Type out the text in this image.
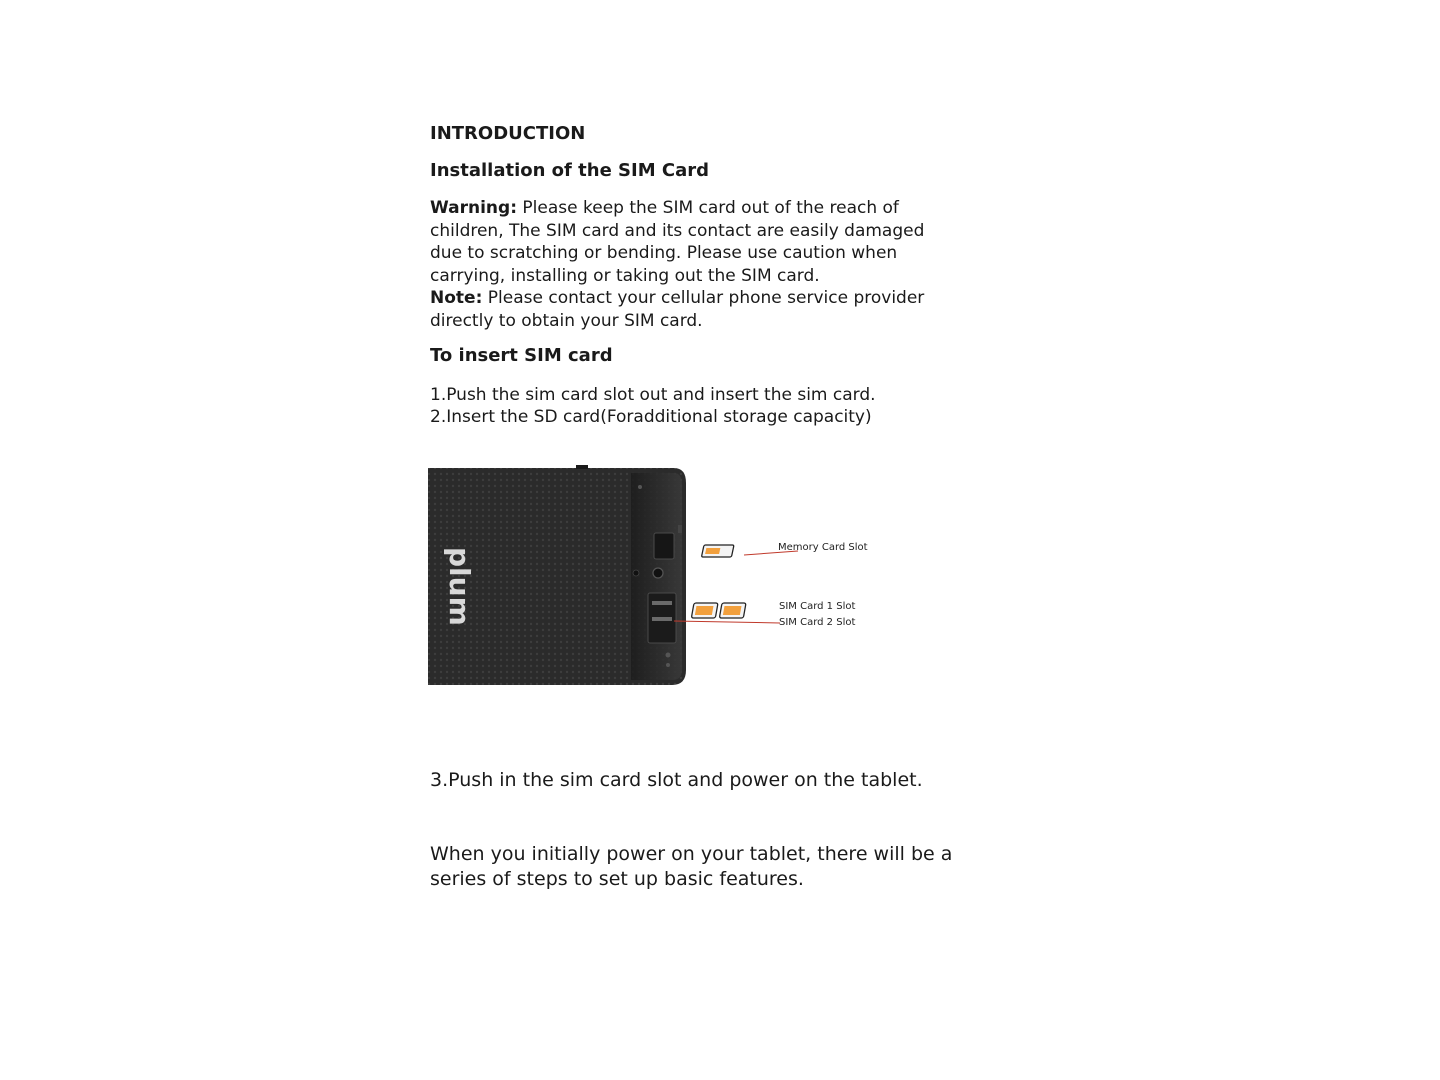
INTRODUCTION
Installation of the SIM Card
Warning:
Please keep the SIM card out of the reach of
children, The SIM card and its contact are easily damaged
due to scratching or bending. Please use caution when
carrying, installing or taking out the SIM card.
Note: Please contact your cellular phone service provider
directly to obtain your SIM card.
To insert SIM card
1.Push the sim card slot out and insert the sim card.
2.Insert the SD card(Foradditional storage capacity)
plum	Memory Card Slot
SIM Card 1 Slot
SIM Card 2 Slot
3.Push in the sim card slot and power on the tablet.
When you initially power on your tablet, there will be a
series of steps to set up basic features.
